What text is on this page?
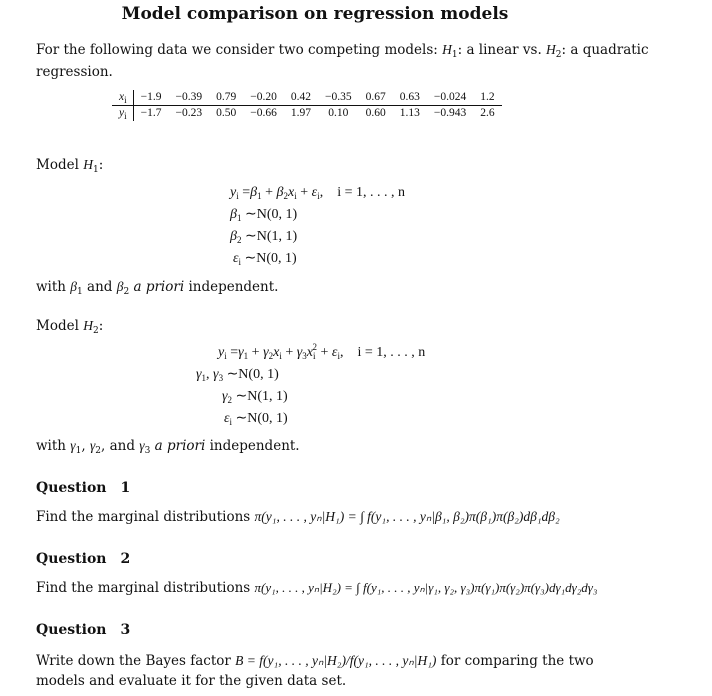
Model comparison on regression models
For the following data we consider two competing models: $H_1$: a linear vs. $H_2$: a quadratic
regression.
$x_i$	−1.9	−0.39	0.79	−0.20	0.42	−0.35	0.67	0.63	−0.024	1.2
$y_i$	−1.7	−0.23	0.50	−0.66	1.97	0.10	0.60	1.13	−0.943	2.6
Model $H_1$:
$y_i =\beta_1 + \beta_2x_i + \varepsilon_i$,    i = 1, . . . , n
$\beta_1$ ∼N(0, 1)
$\beta_2$ ∼N(1, 1)
$\varepsilon_i$ ∼N(0, 1)
with $\beta_1$ and $\beta_2$ a priori independent.
Model $H_2$:
$y_i =\gamma_1 + \gamma_2x_i + \gamma_3x_i^2 + \varepsilon_i$,    i = 1, . . . , n
$\gamma_1$, $\gamma_3$ ∼N(0, 1)
$\gamma_2$ ∼N(1, 1)
$\varepsilon_i$ ∼N(0, 1)
with $\gamma_1$, $\gamma_2$, and $\gamma_3$ a priori independent.
Question 1
Find the marginal distributions π(y₁, . . . , yₙ|H₁) = ∫ f(y₁, . . . , yₙ|β₁, β₂)π(β₁)π(β₂)dβ₁dβ₂
Question 2
Find the marginal distributions π(y₁, . . . , yₙ|H₂) = ∫ f(y₁, . . . , yₙ|γ₁, γ₂, γ₃)π(γ₁)π(γ₂)π(γ₃)dγ₁dγ₂dγ₃
Question 3
Write down the Bayes factor B = f(y₁, . . . , yₙ|H₂)/f(y₁, . . . , yₙ|H₁) for comparing the two
models and evaluate it for the given data set.
